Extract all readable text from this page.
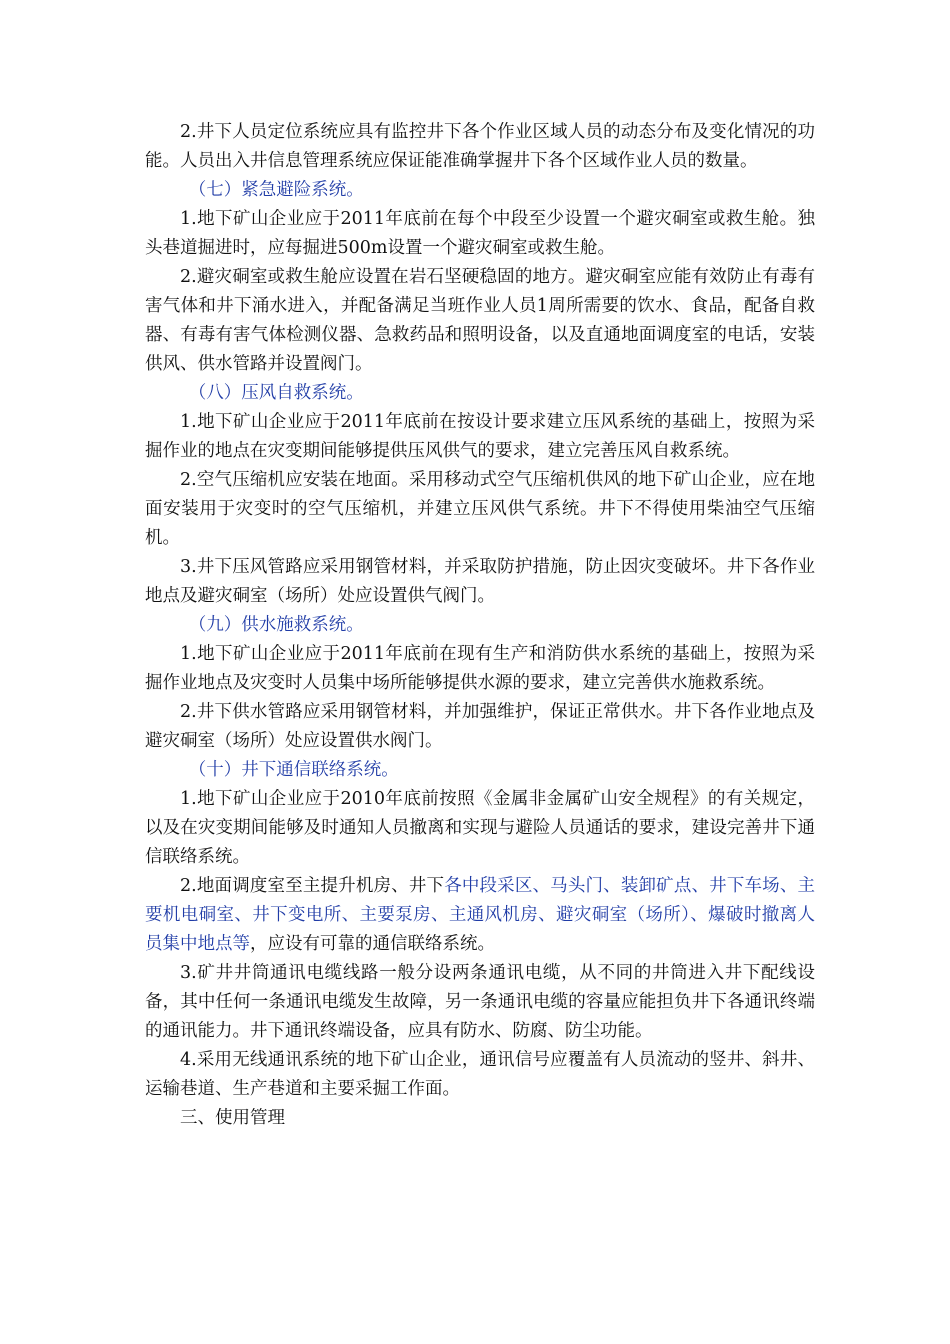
2.井下人员定位系统应具有监控井下各个作业区域人员的动态分布及变化情况的功能。人员出入井信息管理系统应保证能准确掌握井下各个区域作业人员的数量。

（七）紧急避险系统。

1.地下矿山企业应于2011年底前在每个中段至少设置一个避灾硐室或救生舱。独头巷道掘进时，应每掘进500m设置一个避灾硐室或救生舱。

2.避灾硐室或救生舱应设置在岩石坚硬稳固的地方。避灾硐室应能有效防止有毒有害气体和井下涌水进入，并配备满足当班作业人员1周所需要的饮水、食品，配备自救器、有毒有害气体检测仪器、急救药品和照明设备，以及直通地面调度室的电话，安装供风、供水管路并设置阀门。

（八）压风自救系统。

1.地下矿山企业应于2011年底前在按设计要求建立压风系统的基础上，按照为采掘作业的地点在灾变期间能够提供压风供气的要求，建立完善压风自救系统。

2.空气压缩机应安装在地面。采用移动式空气压缩机供风的地下矿山企业，应在地面安装用于灾变时的空气压缩机，并建立压风供气系统。井下不得使用柴油空气压缩机。

3.井下压风管路应采用钢管材料，并采取防护措施，防止因灾变破坏。井下各作业地点及避灾硐室（场所）处应设置供气阀门。

（九）供水施救系统。

1.地下矿山企业应于2011年底前在现有生产和消防供水系统的基础上，按照为采掘作业地点及灾变时人员集中场所能够提供水源的要求，建立完善供水施救系统。

2.井下供水管路应采用钢管材料，并加强维护，保证正常供水。井下各作业地点及避灾硐室（场所）处应设置供水阀门。

（十）井下通信联络系统。

1.地下矿山企业应于2010年底前按照《金属非金属矿山安全规程》的有关规定，以及在灾变期间能够及时通知人员撤离和实现与避险人员通话的要求，建设完善井下通信联络系统。

2.地面调度室至主提升机房、井下各中段采区、马头门、装卸矿点、井下车场、主要机电硐室、井下变电所、主要泵房、主通风机房、避灾硐室（场所）、爆破时撤离人员集中地点等，应设有可靠的通信联络系统。

3.矿井井筒通讯电缆线路一般分设两条通讯电缆，从不同的井筒进入井下配线设备，其中任何一条通讯电缆发生故障，另一条通讯电缆的容量应能担负井下各通讯终端的通讯能力。井下通讯终端设备，应具有防水、防腐、防尘功能。

4.采用无线通讯系统的地下矿山企业，通讯信号应覆盖有人员流动的竖井、斜井、运输巷道、生产巷道和主要采掘工作面。

三、使用管理
